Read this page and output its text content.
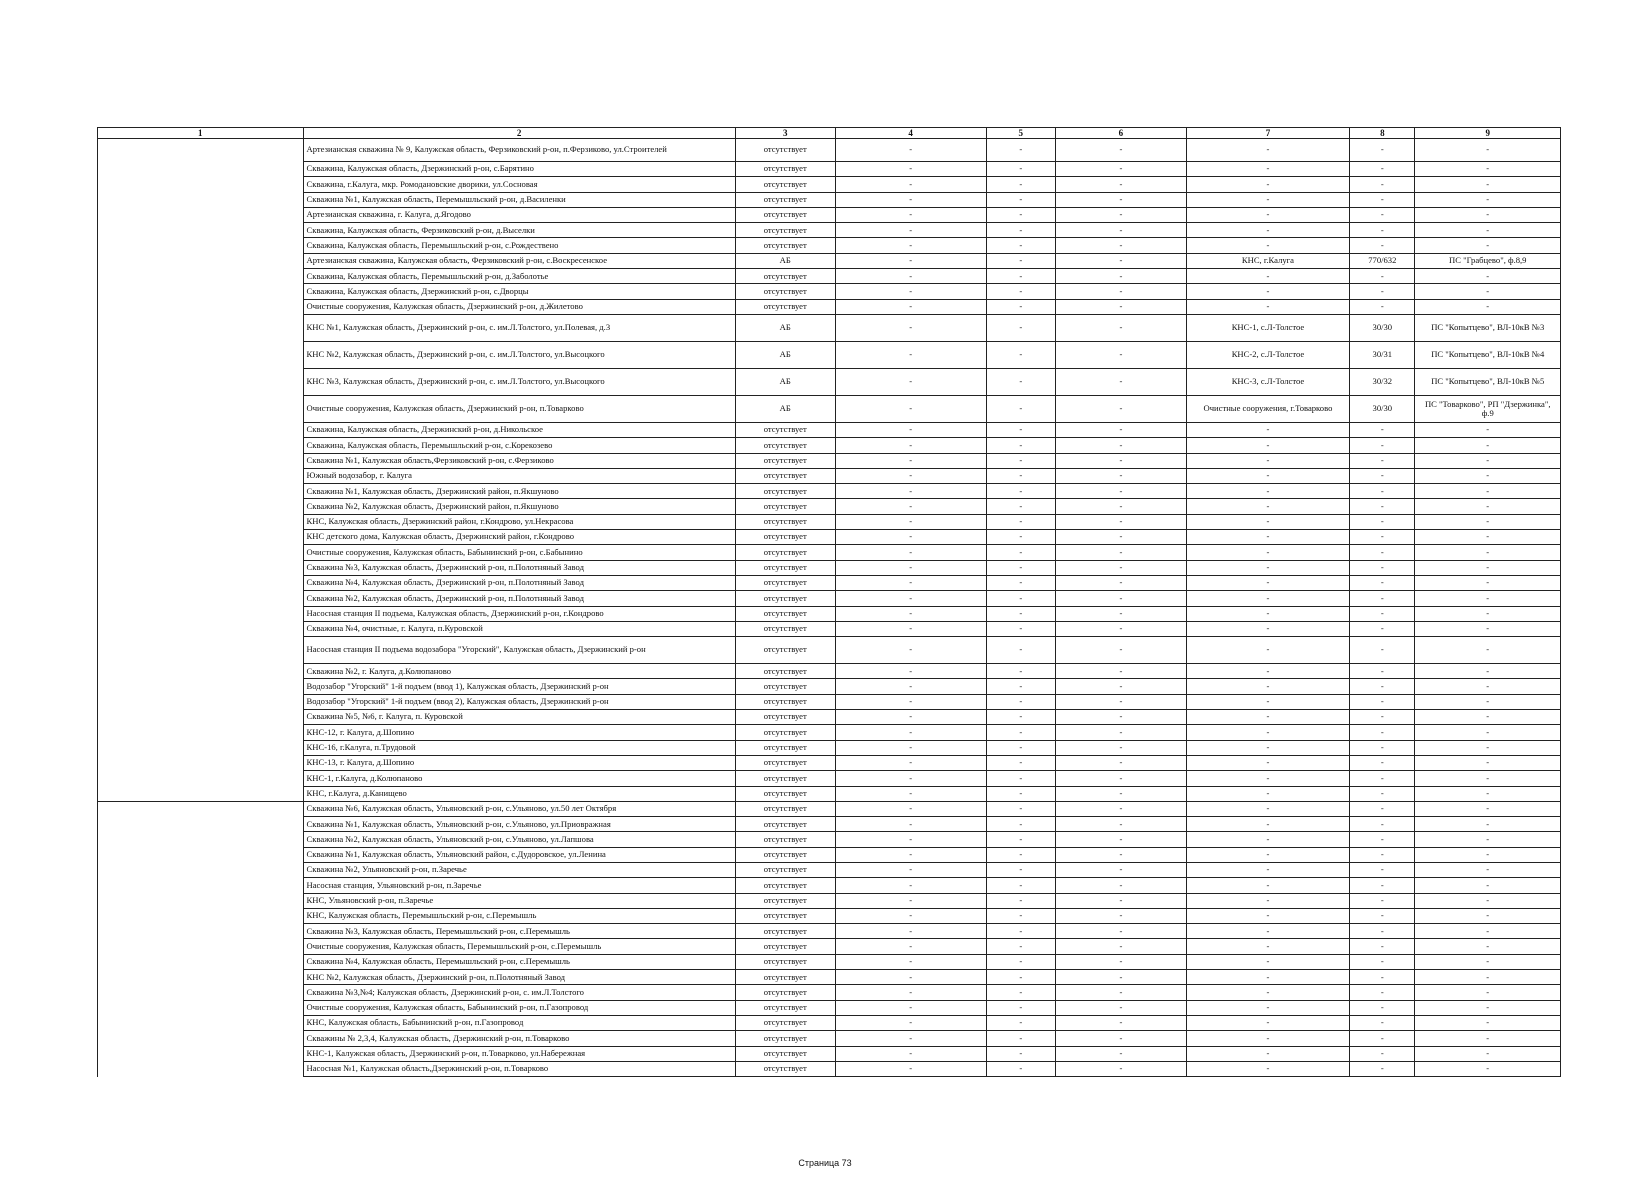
1	2	3	4	5	6	7	8	9
	Артезианская скважина № 9, Калужская область, Ферзиковский р-он, п.Ферзиково, ул.Строителей	отсутствует	-	-	-	-	-	-
	Скважина, Калужская область, Дзержинский р-он, с.Барятино	отсутствует	-	-	-	-	-	-
	Скважина, г.Калуга, мкр. Ромодановские дворики, ул.Сосновая	отсутствует	-	-	-	-	-	-
	Скважина №1, Калужская область, Перемышльский р-он, д.Василенки	отсутствует	-	-	-	-	-	-
	Артезианская скважина, г. Калуга, д.Ягодово	отсутствует	-	-	-	-	-	-
	Скважина, Калужская область, Ферзиковский р-он, д.Выселки	отсутствует	-	-	-	-	-	-
	Скважина, Калужская область, Перемышльский р-он, с.Рождествено	отсутствует	-	-	-	-	-	-
	Артезианская скважина, Калужская область, Ферзиковский р-он, с.Воскресенское	АБ	-	-	-	КНС, г.Калуга	770/632	ПС "Грабцево", ф.8,9
	Скважина, Калужская область, Перемышльский р-он, д.Заболотье	отсутствует	-	-	-	-	-	-
	Скважина, Калужская область, Дзержинский р-он, с.Дворцы	отсутствует	-	-	-	-	-	-
	Очистные сооружения, Калужская область, Дзержинский р-он, д.Жилетово	отсутствует	-	-	-	-	-	-
	КНС №1, Калужская область, Дзержинский р-он, с. им.Л.Толстого, ул.Полевая, д.3	АБ	-	-	-	КНС-1, с.Л-Толстое	30/30	ПС "Копытцево", ВЛ-10кВ №3
	КНС №2, Калужская область, Дзержинский р-он, с. им.Л.Толстого, ул.Высоцкого	АБ	-	-	-	КНС-2, с.Л-Толстое	30/31	ПС "Копытцево", ВЛ-10кВ №4
	КНС №3, Калужская область, Дзержинский р-он, с. им.Л.Толстого, ул.Высоцкого	АБ	-	-	-	КНС-3, с.Л-Толстое	30/32	ПС "Копытцево", ВЛ-10кВ №5
	Очистные сооружения, Калужская область, Дзержинский р-он, п.Товарково	АБ	-	-	-	Очистные сооружения, г.Товарково	30/30	ПС "Товарково", РП "Дзержинка", ф.9
	Скважина, Калужская область, Дзержинский р-он, д.Никольское	отсутствует	-	-	-	-	-	-
	Скважина, Калужская область, Перемышльский р-он, с.Корекозево	отсутствует	-	-	-	-	-	-
	Скважина №1, Калужская область,Ферзиковский р-он, с.Ферзиково	отсутствует	-	-	-	-	-	-
	Южный водозабор, г. Калуга	отсутствует	-	-	-	-	-	-
	Скважина №1, Калужская область, Дзержинский район, п.Якшуново	отсутствует	-	-	-	-	-	-
	Скважина №2, Калужская область, Дзержинский район, п.Якшуново	отсутствует	-	-	-	-	-	-
	КНС, Калужская область, Дзержинский район, г.Кондрово, ул.Некрасова	отсутствует	-	-	-	-	-	-
	КНС детского дома, Калужская область, Дзержинский район, г.Кондрово	отсутствует	-	-	-	-	-	-
	Очистные сооружения, Калужская область, Бабынинский р-он, с.Бабынино	отсутствует	-	-	-	-	-	-
	Скважина №3, Калужская область, Дзержинский р-он, п.Полотняный Завод	отсутствует	-	-	-	-	-	-
	Скважина №4, Калужская область, Дзержинский р-он, п.Полотняный Завод	отсутствует	-	-	-	-	-	-
	Скважина №2, Калужская область, Дзержинский р-он, п.Полотняный Завод	отсутствует	-	-	-	-	-	-
	Насосная станция II подъема, Калужская область, Дзержинский р-он, г.Кондрово	отсутствует	-	-	-	-	-	-
	Скважина №4, очистные, г. Калуга, п.Куровской	отсутствует	-	-	-	-	-	-
	Насосная станция II подъема водозабора "Угорский", Калужская область, Дзержинский р-он	отсутствует	-	-	-	-	-	-
	Скважина №2, г. Калуга, д.Колюпаново	отсутствует	-	-	-	-	-	-
	Водозабор "Угорский" 1-й подъем (ввод 1), Калужская область, Дзержинский р-он	отсутствует	-	-	-	-	-	-
	Водозабор "Угорский" 1-й подъем (ввод 2), Калужская область, Дзержинский р-он	отсутствует	-	-	-	-	-	-
	Скважина №5, №6, г. Калуга, п. Куровской	отсутствует	-	-	-	-	-	-
	КНС-12, г. Калуга, д.Шопино	отсутствует	-	-	-	-	-	-
	КНС-16, г.Калуга, п.Трудовой	отсутствует	-	-	-	-	-	-
	КНС-13, г. Калуга, д.Шопино	отсутствует	-	-	-	-	-	-
	КНС-1, г.Калуга, д.Колюпаново	отсутствует	-	-	-	-	-	-
	КНС, г.Калуга, д.Канищево	отсутствует	-	-	-	-	-	-
	Скважина №6, Калужская область, Ульяновский р-он, с.Ульяново, ул.50 лет Октября	отсутствует	-	-	-	-	-	-
	Скважина №1, Калужская область, Ульяновский р-он, с.Ульяново, ул.Приовражная	отсутствует	-	-	-	-	-	-
	Скважина №2, Калужская область, Ульяновский р-он, с.Ульяново, ул.Лапшова	отсутствует	-	-	-	-	-	-
	Скважина №1, Калужская область, Ульяновский район, с.Дудоровское, ул.Ленина	отсутствует	-	-	-	-	-	-
	Скважина №2, Ульяновский р-он, п.Заречье	отсутствует	-	-	-	-	-	-
	Насосная станция, Ульяновский р-он, п.Заречье	отсутствует	-	-	-	-	-	-
	КНС, Ульяновский р-он, п.Заречье	отсутствует	-	-	-	-	-	-
	КНС, Калужская область, Перемышльский р-он, с.Перемышль	отсутствует	-	-	-	-	-	-
	Скважина №3, Калужская область, Перемышльский р-он, с.Перемышль	отсутствует	-	-	-	-	-	-
	Очистные сооружения, Калужская область, Перемышльский р-он, с.Перемышль	отсутствует	-	-	-	-	-	-
	Скважина №4, Калужская область, Перемышльский р-он, с.Перемышль	отсутствует	-	-	-	-	-	-
	КНС №2, Калужская область, Дзержинский р-он, п.Полотняный Завод	отсутствует	-	-	-	-	-	-
	Скважина №3,№4; Калужская область, Дзержинский р-он, с. им.Л.Толстого	отсутствует	-	-	-	-	-	-
	Очистные сооружения, Калужская область, Бабынинский р-он, п.Газопровод	отсутствует	-	-	-	-	-	-
	КНС, Калужская область, Бабынинский р-он, п.Газопровод	отсутствует	-	-	-	-	-	-
	Скважины № 2,3,4, Калужская область, Дзержинский р-он, п.Товарково	отсутствует	-	-	-	-	-	-
	КНС-1, Калужская область, Дзержинский р-он, п.Товарково, ул.Набережная	отсутствует	-	-	-	-	-	-
	Насосная №1, Калужская область,Дзержинский р-он, п.Товарково	отсутствует	-	-	-	-	-	-
Страница 73
